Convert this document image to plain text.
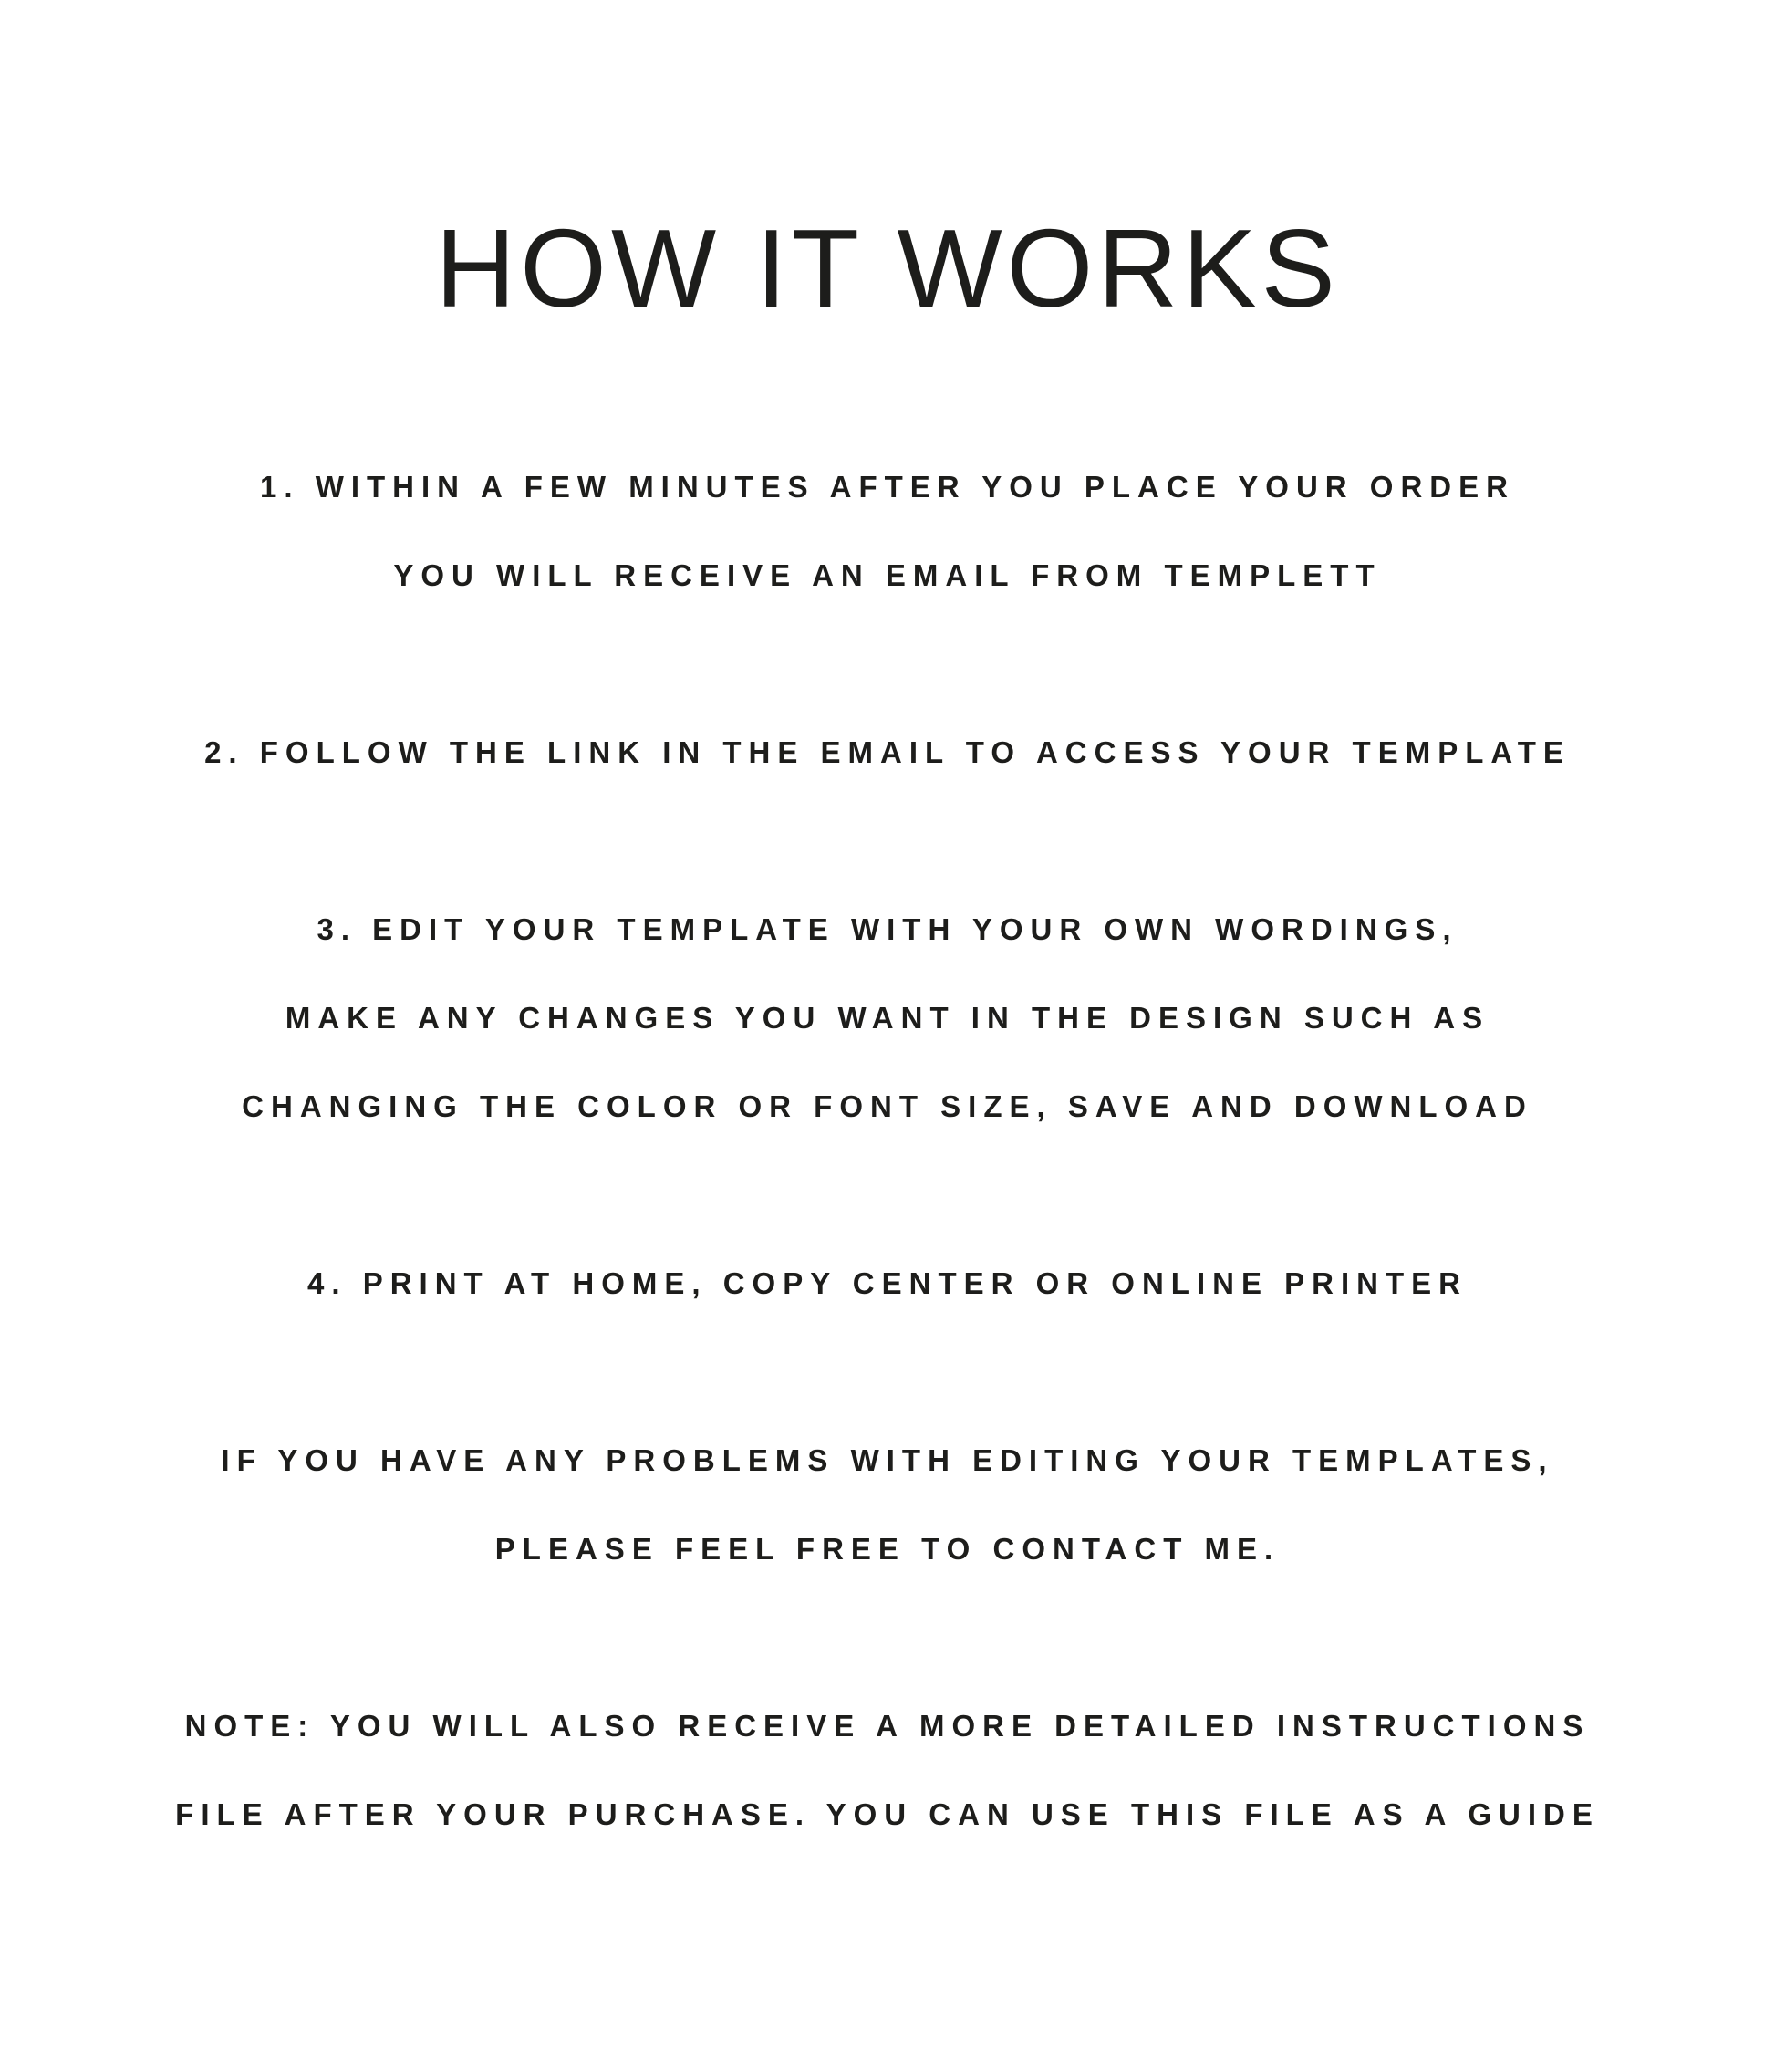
HOW IT WORKS
1. WITHIN A FEW MINUTES AFTER YOU PLACE YOUR ORDER
YOU WILL RECEIVE AN EMAIL FROM TEMPLETT
2. FOLLOW THE LINK IN THE EMAIL TO ACCESS YOUR TEMPLATE
3. EDIT YOUR TEMPLATE WITH YOUR OWN WORDINGS,
MAKE ANY CHANGES YOU WANT IN THE DESIGN SUCH AS
CHANGING THE COLOR OR FONT SIZE, SAVE AND DOWNLOAD
4. PRINT AT HOME, COPY CENTER OR ONLINE PRINTER
IF YOU HAVE ANY PROBLEMS WITH EDITING YOUR TEMPLATES,
PLEASE FEEL FREE TO CONTACT ME.
NOTE: YOU WILL ALSO RECEIVE A MORE DETAILED INSTRUCTIONS
FILE AFTER YOUR PURCHASE. YOU CAN USE THIS FILE AS A GUIDE
